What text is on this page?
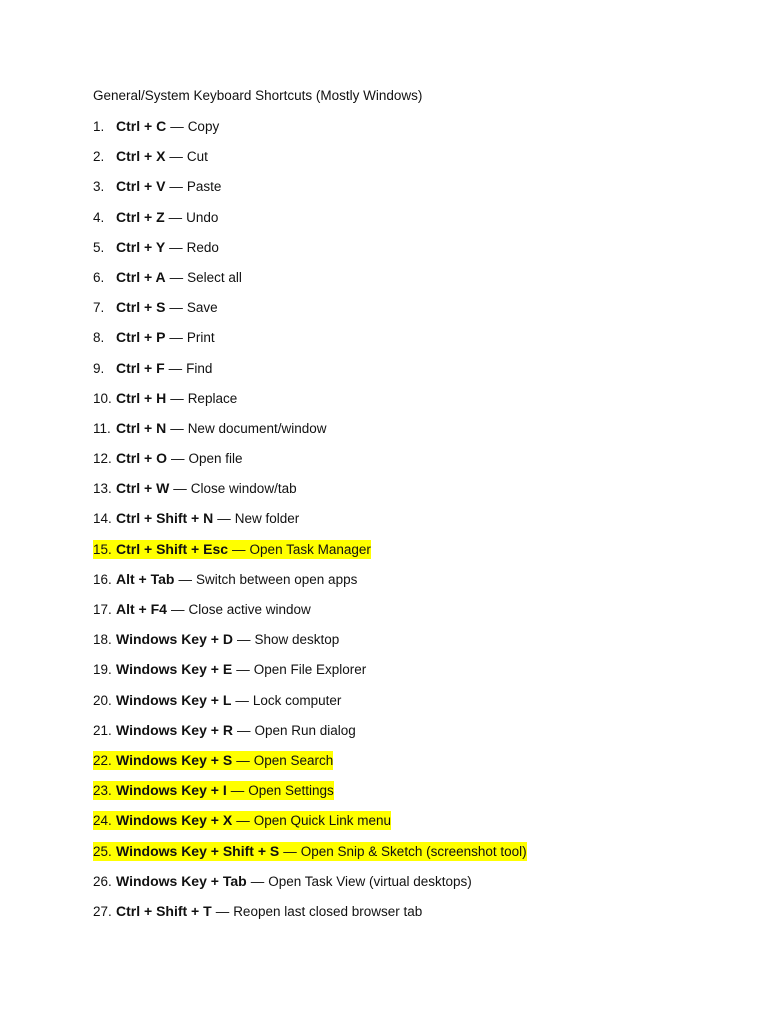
General/System Keyboard Shortcuts (Mostly Windows)
1. Ctrl + C — Copy
2. Ctrl + X — Cut
3. Ctrl + V — Paste
4. Ctrl + Z — Undo
5. Ctrl + Y — Redo
6. Ctrl + A — Select all
7. Ctrl + S — Save
8. Ctrl + P — Print
9. Ctrl + F — Find
10. Ctrl + H — Replace
11. Ctrl + N — New document/window
12. Ctrl + O — Open file
13. Ctrl + W — Close window/tab
14. Ctrl + Shift + N — New folder
15. Ctrl + Shift + Esc — Open Task Manager
16. Alt + Tab — Switch between open apps
17. Alt + F4 — Close active window
18. Windows Key + D — Show desktop
19. Windows Key + E — Open File Explorer
20. Windows Key + L — Lock computer
21. Windows Key + R — Open Run dialog
22. Windows Key + S — Open Search
23. Windows Key + I — Open Settings
24. Windows Key + X — Open Quick Link menu
25. Windows Key + Shift + S — Open Snip & Sketch (screenshot tool)
26. Windows Key + Tab — Open Task View (virtual desktops)
27. Ctrl + Shift + T — Reopen last closed browser tab
